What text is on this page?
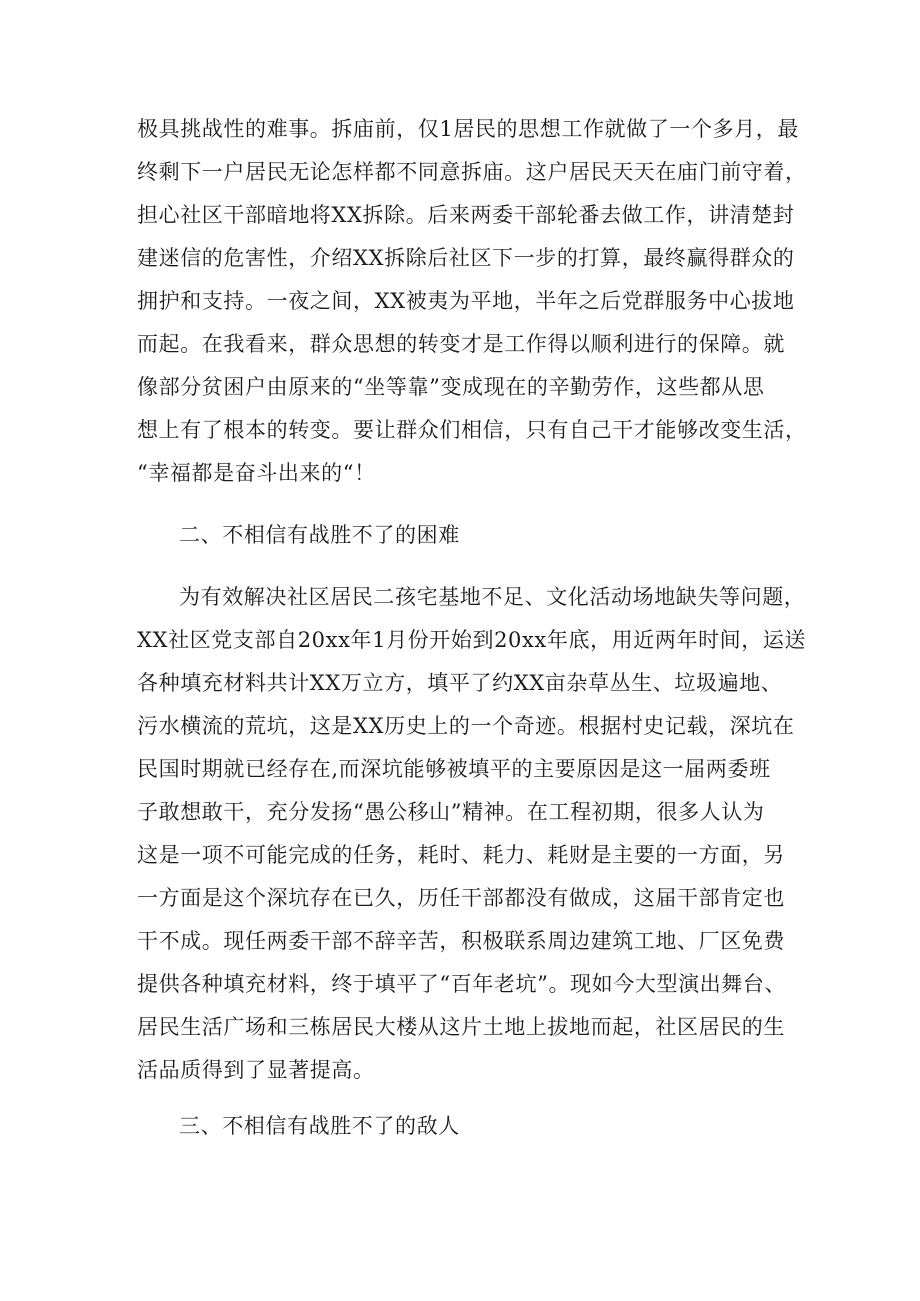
极具挑战性的难事。拆庙前，仅1居民的思想工作就做了一个多月，最
终剩下一户居民无论怎样都不同意拆庙。这户居民天天在庙门前守着，
担心社区干部暗地将XX拆除。后来两委干部轮番去做工作，讲清楚封
建迷信的危害性，介绍XX拆除后社区下一步的打算，最终赢得群众的
拥护和支持。一夜之间，XX被夷为平地，半年之后党群服务中心拔地
而起。在我看来，群众思想的转变才是工作得以顺利进行的保障。就
像部分贫困户由原来的“坐等靠”变成现在的辛勤劳作，这些都从思
想上有了根本的转变。要让群众们相信，只有自己干才能够改变生活，
“幸福都是奋斗出来的“！
二、不相信有战胜不了的困难
为有效解决社区居民二孩宅基地不足、文化活动场地缺失等问题，
XX社区党支部自20xx年1月份开始到20xx年底，用近两年时间，运送
各种填充材料共计XX万立方，填平了约XX亩杂草丛生、垃圾遍地、
污水横流的荒坑，这是XX历史上的一个奇迹。根据村史记载，深坑在
民国时期就已经存在,而深坑能够被填平的主要原因是这一届两委班
子敢想敢干，充分发扬“愚公移山”精神。在工程初期，很多人认为
这是一项不可能完成的任务，耗时、耗力、耗财是主要的一方面，另
一方面是这个深坑存在已久，历任干部都没有做成，这届干部肯定也
干不成。现任两委干部不辞辛苦，积极联系周边建筑工地、厂区免费
提供各种填充材料，终于填平了“百年老坑”。现如今大型演出舞台、
居民生活广场和三栋居民大楼从这片土地上拔地而起，社区居民的生
活品质得到了显著提高。
三、不相信有战胜不了的敌人
